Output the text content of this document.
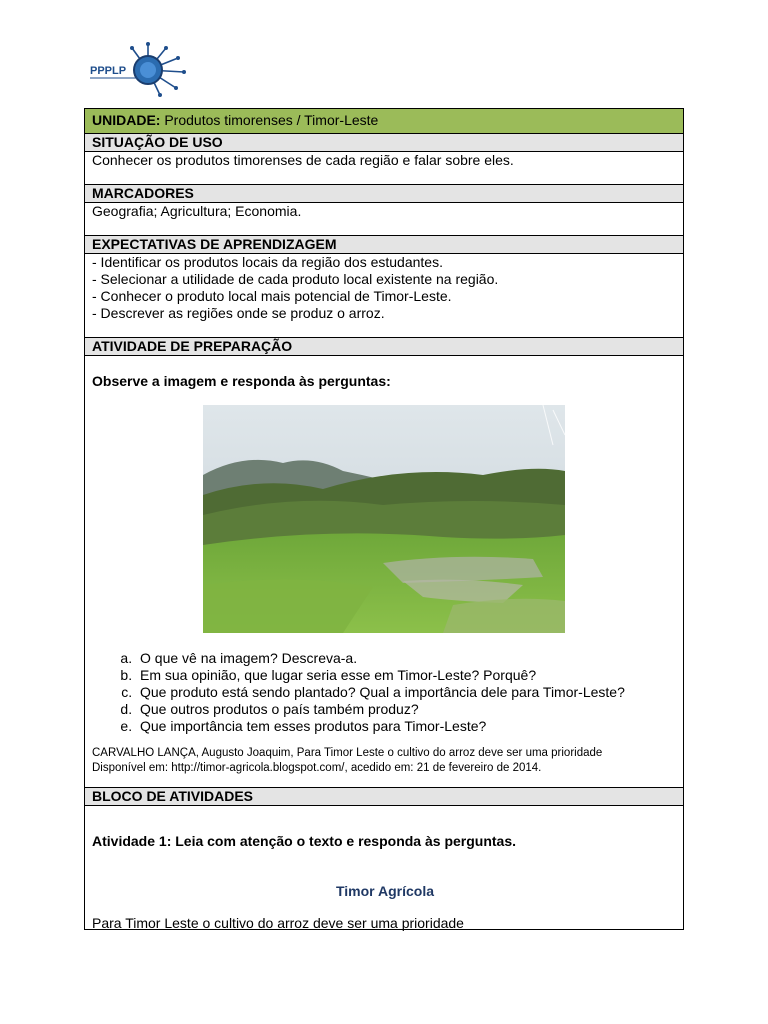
PPPLP
UNIDADE: Produtos timorenses / Timor-Leste
SITUAÇÃO DE USO
Conhecer os produtos timorenses de cada região e falar sobre eles.
MARCADORES
Geografia; Agricultura; Economia.
EXPECTATIVAS DE APRENDIZAGEM
- Identificar os produtos locais da região dos estudantes.
- Selecionar a utilidade de cada produto local existente na região.
- Conhecer o produto local mais potencial de Timor-Leste.
- Descrever as regiões onde se produz o arroz.
ATIVIDADE DE PREPARAÇÃO
Observe a imagem e responda às perguntas:
a. O que vê na imagem? Descreva-a.
b. Em sua opinião, que lugar seria esse em Timor-Leste? Porquê?
c. Que produto está sendo plantado? Qual a importância dele para Timor-Leste?
d. Que outros produtos o país também produz?
e. Que importância tem esses produtos para Timor-Leste?
CARVALHO LANÇA, Augusto Joaquim, Para Timor Leste o cultivo do arroz deve ser uma prioridade
Disponível em: http://timor-agricola.blogspot.com/, acedido em: 21 de fevereiro de 2014.
BLOCO DE ATIVIDADES
Atividade 1: Leia com atenção o texto e responda às perguntas.
Timor Agrícola
Para Timor Leste o cultivo do arroz deve ser uma prioridade
